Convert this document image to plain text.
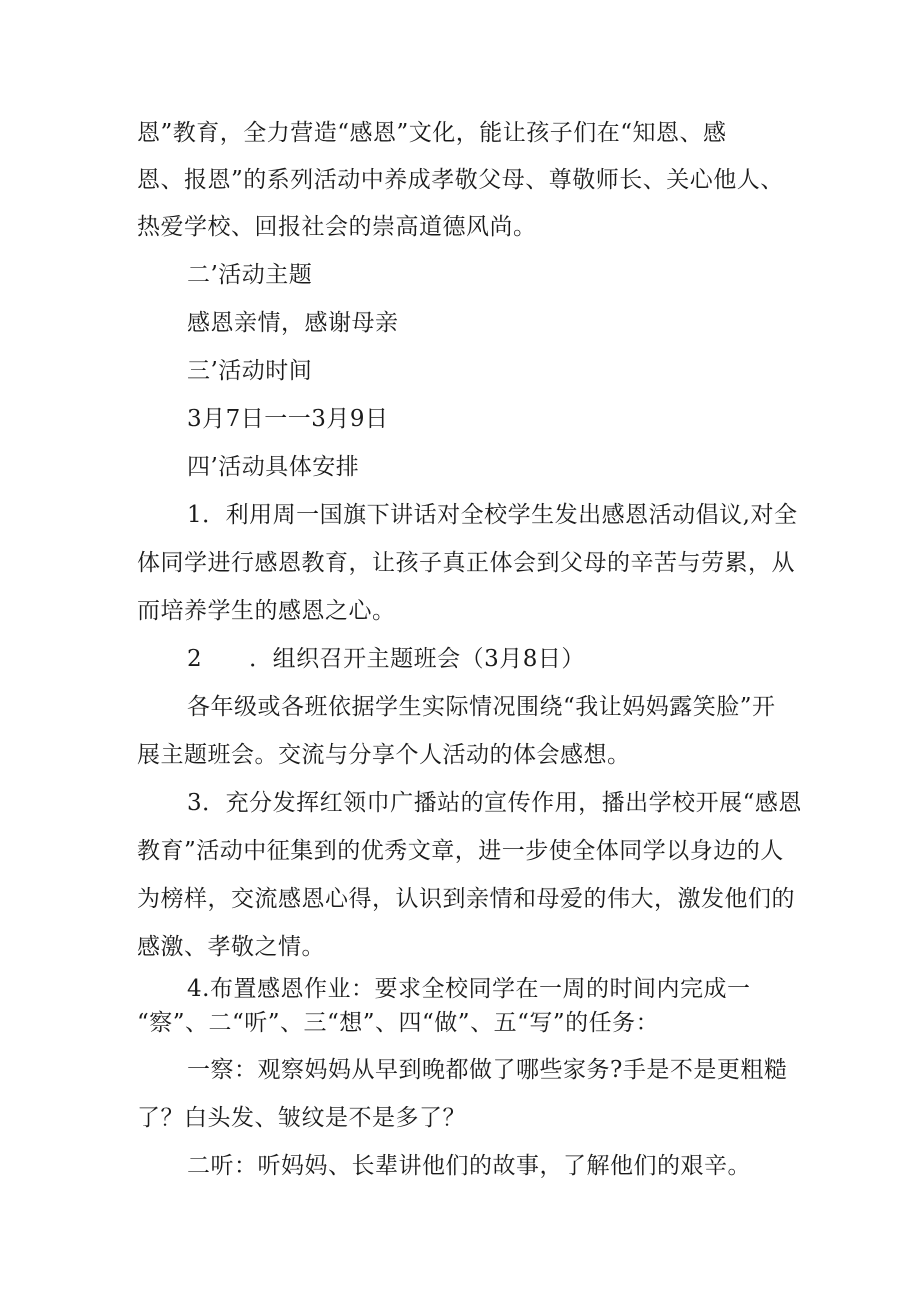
恩”教育，全力营造“感恩”文化，能让孩子们在“知恩、感
恩、报恩”的系列活动中养成孝敬父母、尊敬师长、关心他人、
热爱学校、回报社会的崇高道德风尚。
二’活动主题
感恩亲情，感谢母亲
三’活动时间
3月7日一一3月9日
四’活动具体安排
1．利用周一国旗下讲话对全校学生发出感恩活动倡议,对全
体同学进行感恩教育，让孩子真正体会到父母的辛苦与劳累，从
而培养学生的感恩之心。
2　　．组织召开主题班会（3月8日）
各年级或各班依据学生实际情况围绕“我让妈妈露笑脸”开
展主题班会。交流与分享个人活动的体会感想。
3．充分发挥红领巾广播站的宣传作用，播出学校开展“感恩
教育”活动中征集到的优秀文章，进一步使全体同学以身边的人
为榜样，交流感恩心得，认识到亲情和母爱的伟大，激发他们的
感激、孝敬之情。
4.布置感恩作业：要求全校同学在一周的时间内完成一
“察”、二“听”、三“想”、四“做”、五“写”的任务：
一察：观察妈妈从早到晚都做了哪些家务?手是不是更粗糙
了？白头发、皱纹是不是多了？
二听：听妈妈、长辈讲他们的故事，了解他们的艰辛。
